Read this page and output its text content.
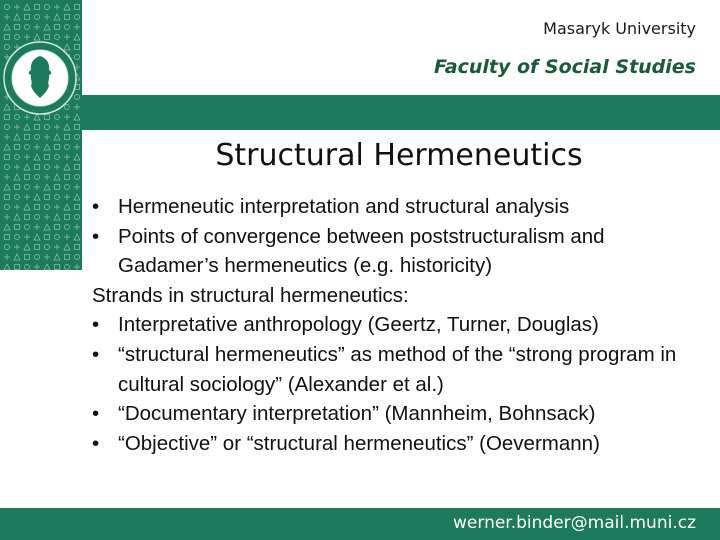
Masaryk University
Faculty of Social Studies
Structural Hermeneutics
• Hermeneutic interpretation and structural analysis
• Points of convergence between poststructuralism and Gadamer’s hermeneutics (e.g. historicity)
Strands in structural hermeneutics:
• Interpretative anthropology (Geertz, Turner, Douglas)
• “structural hermeneutics” as method of the “strong program in cultural sociology” (Alexander et al.)
• “Documentary interpretation” (Mannheim, Bohnsack)
• “Objective” or “structural hermeneutics” (Oevermann)
werner.binder@mail.muni.cz
